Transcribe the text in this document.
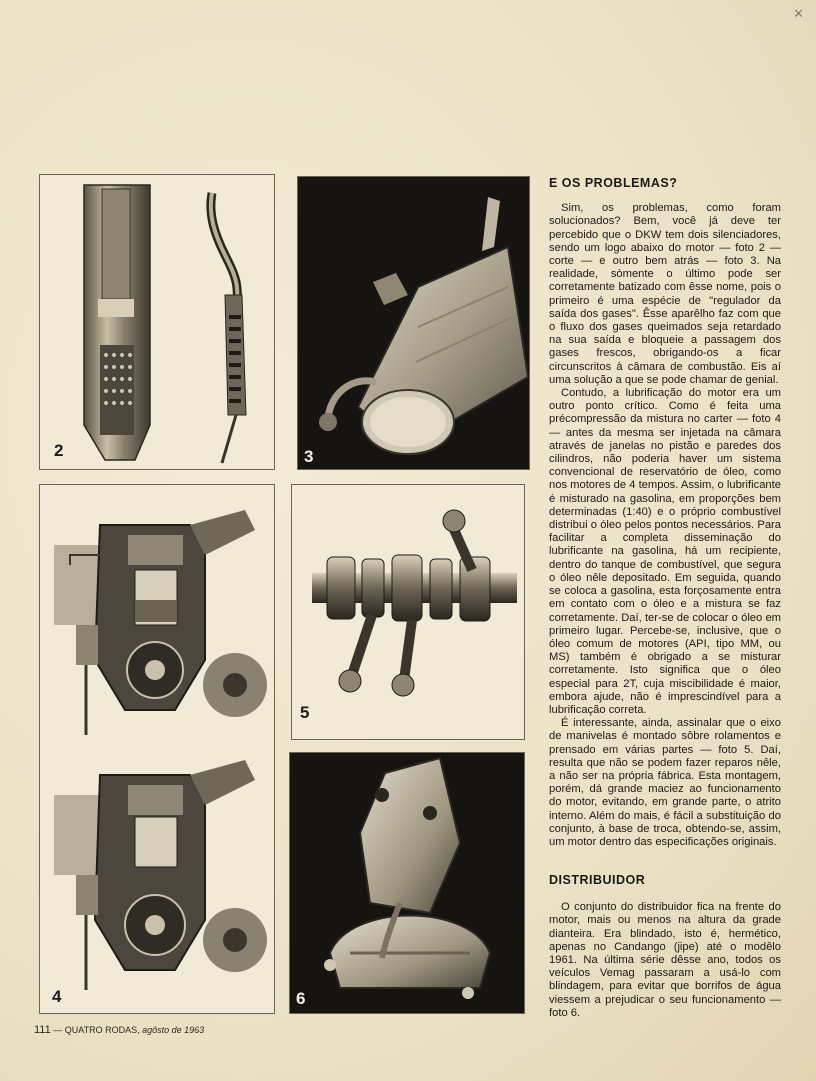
✕
2	3
4
5
6
E OS PROBLEMAS?

Sim, os problemas, como foram solucionados? Bem, você já deve ter percebido que o DKW tem dois silenciadores, sendo um logo abaixo do motor — foto 2 — corte — e outro bem atrás — foto 3. Na realidade, sòmente o último pode ser corretamente batizado com êsse nome, pois o primeiro é uma espécie de "regulador da saída dos gases". Êsse aparêlho faz com que o fluxo dos gases queimados seja retardado na sua saída e bloqueie a passagem dos gases frescos, obrigando-os a ficar circunscritos à câmara de combustão. Eis aí uma solução a que se pode chamar de genial.

Contudo, a lubrificação do motor era um outro ponto crítico. Como é feita uma précompressão da mistura no carter — foto 4 — antes da mesma ser injetada na câmara através de janelas no pistão e paredes dos cilindros, não poderia haver um sistema convencional de reservatório de óleo, como nos motores de 4 tempos. Assim, o lubrificante é misturado na gasolina, em proporções bem determinadas (1:40) e o próprio combustível distribui o óleo pelos pontos necessários. Para facilitar a completa disseminação do lubrificante na gasolina, há um recipiente, dentro do tanque de combustível, que segura o óleo nêle depositado. Em seguida, quando se coloca a gasolina, esta forçosamente entra em contato com o óleo e a mistura se faz corretamente. Daí, ter-se de colocar o óleo em primeiro lugar. Percebe-se, inclusive, que o óleo comum de motores (API, tipo MM, ou MS) também é obrigado a se misturar corretamente. Isto significa que o óleo especial para 2T, cuja miscibilidade é maior, embora ajude, não é imprescindível para a lubrificação correta.

É interessante, ainda, assinalar que o eixo de manivelas é montado sôbre rolamentos e prensado em várias partes — foto 5. Daí, resulta que não se podem fazer reparos nêle, a não ser na própria fábrica. Esta montagem, porém, dá grande maciez ao funcionamento do motor, evitando, em grande parte, o atrito interno. Além do mais, é fácil a substituição do conjunto, à base de troca, obtendo-se, assim, um motor dentro das especificações originais.

DISTRIBUIDOR

O conjunto do distribuidor fica na frente do motor, mais ou menos na altura da grade dianteira. Era blindado, isto é, hermético, apenas no Candango (jipe) até o modêlo 1961. Na última série dêsse ano, todos os veículos Vemag passaram a usá-lo com blindagem, para evitar que borrifos de água viessem a prejudicar o seu funcionamento — foto 6.

111 — QUATRO RODAS, agôsto de 1963
